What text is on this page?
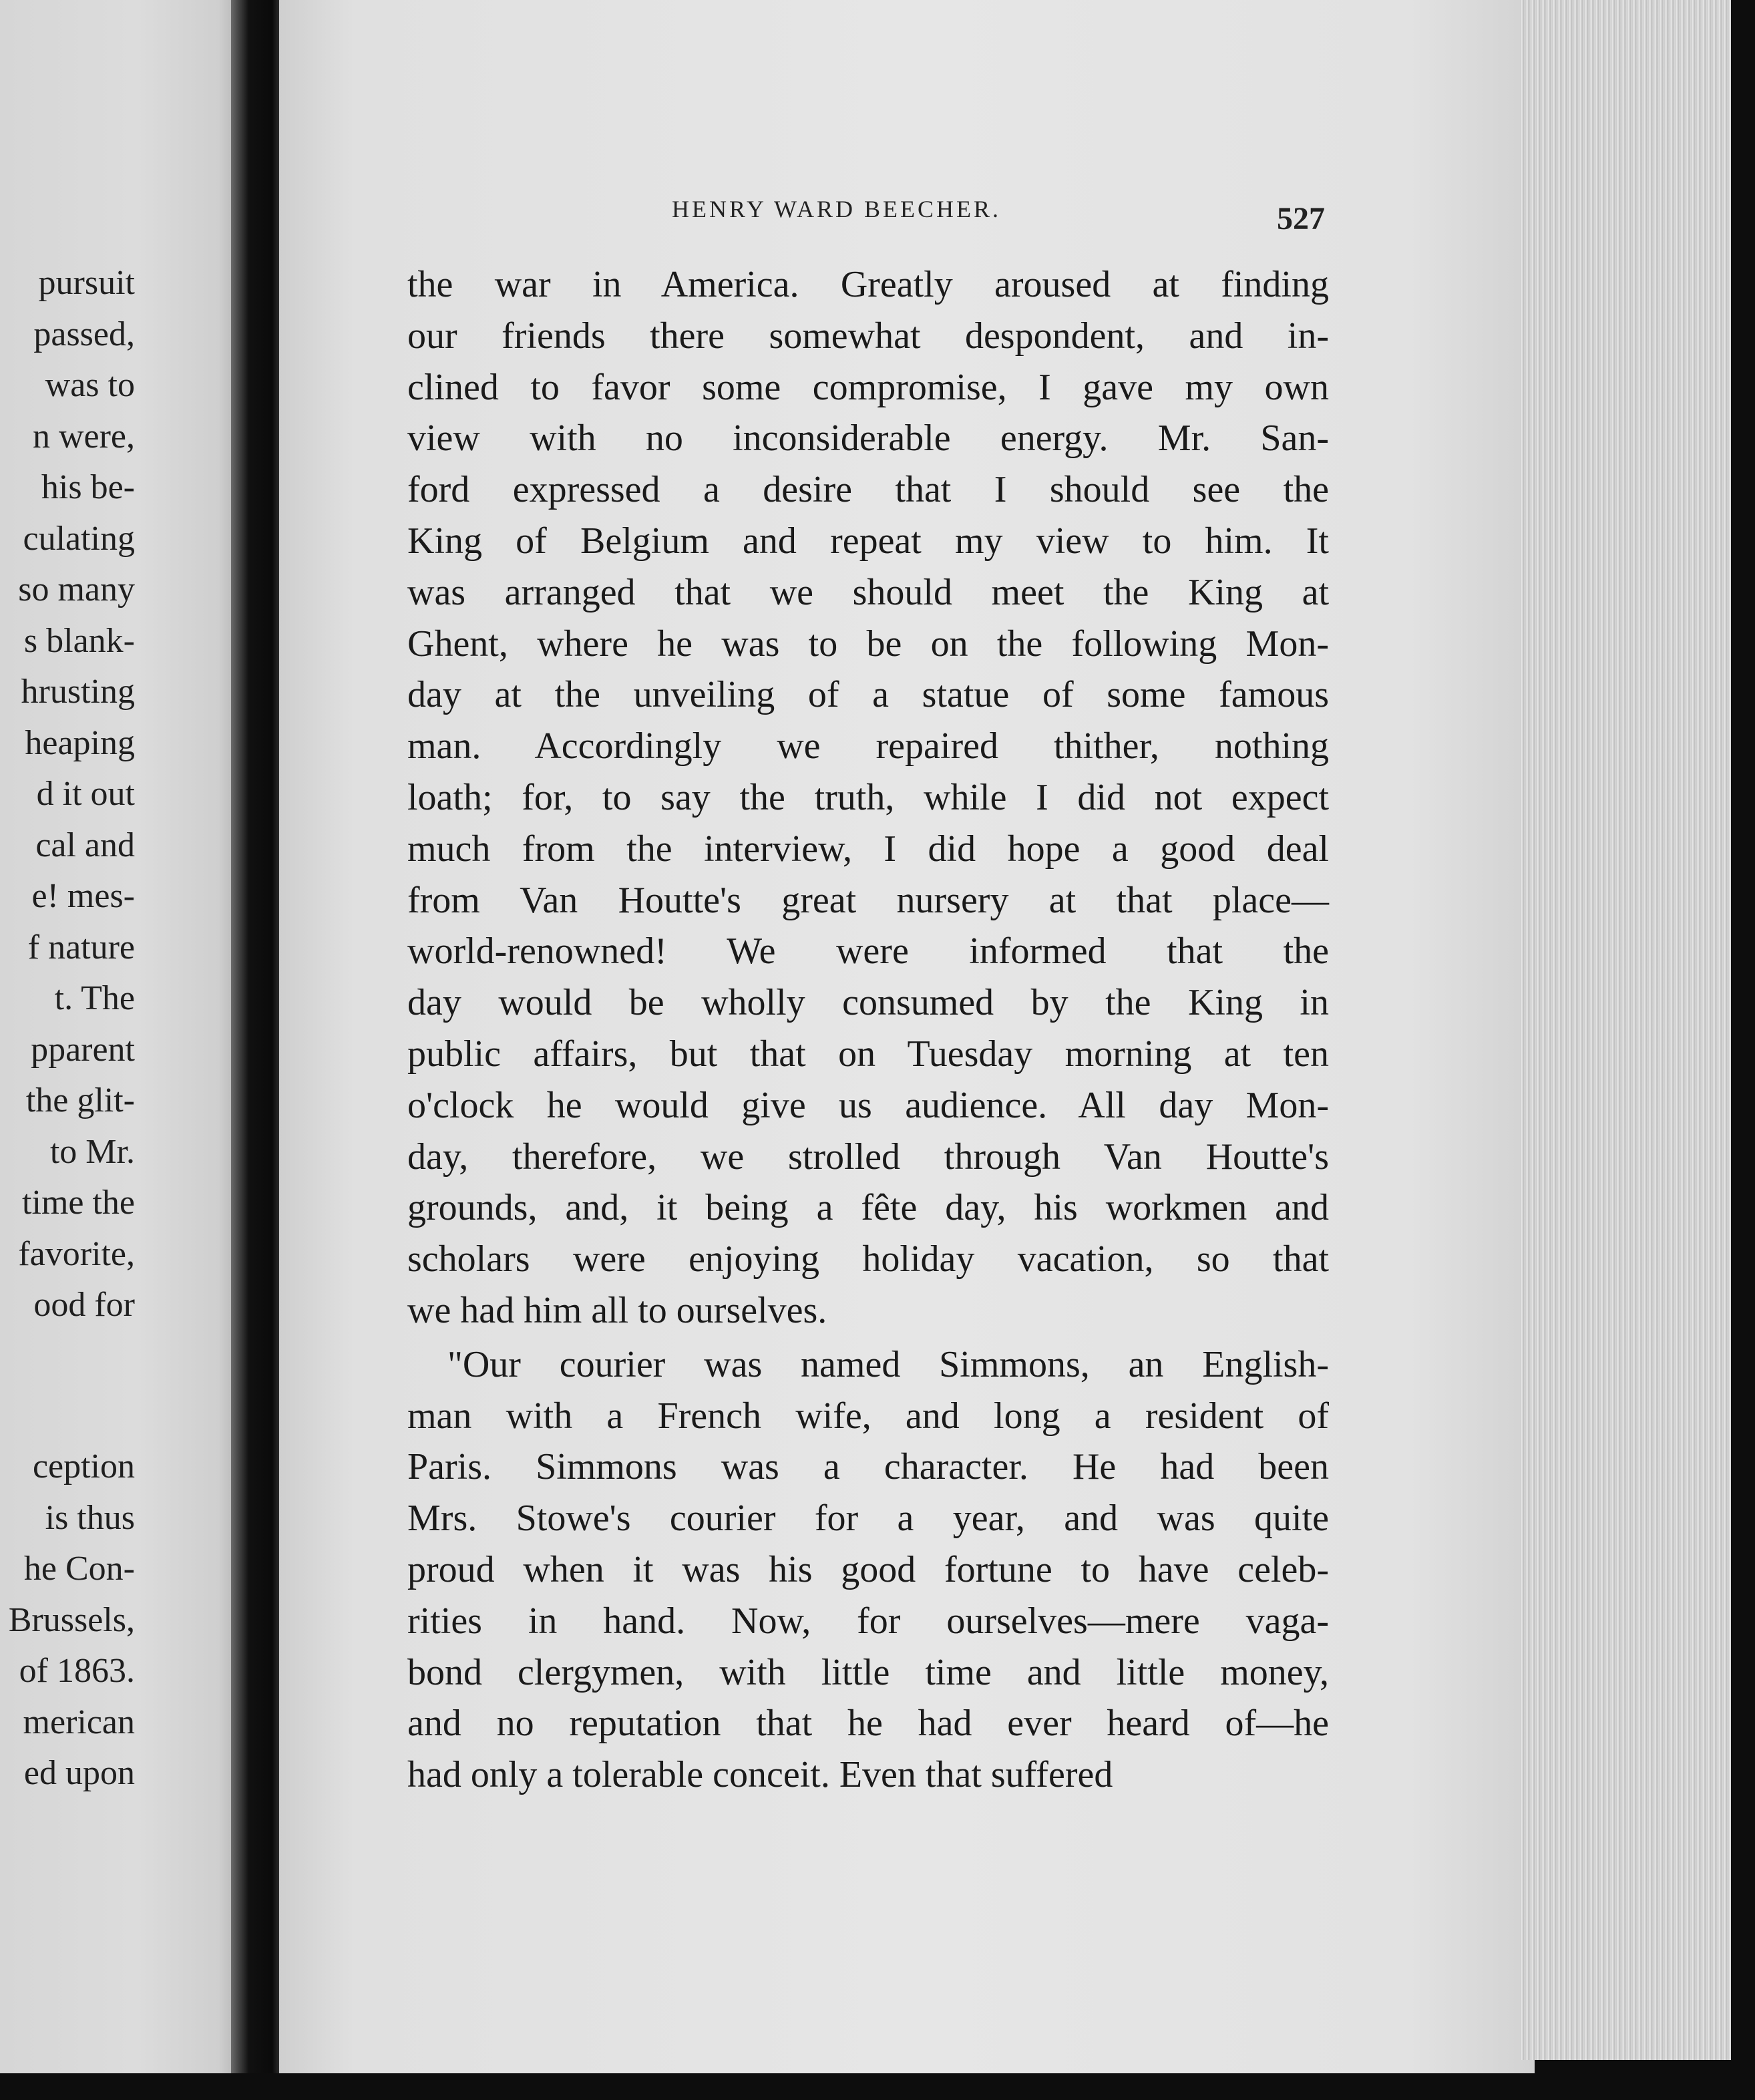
pursuit
passed,
was to
n were,
his be-
culating
so many
s blank-
hrusting
heaping
d it out
cal and
e! mes-
f nature
t. The
pparent
the glit-
to Mr.
time the
favorite,
ood for
ception
is thus
he Con-
Brussels,
of 1863.
merican
ed upon
HENRY WARD BEECHER.	527
the war in America. Greatly aroused at finding
our friends there somewhat despondent, and in-
clined to favor some compromise, I gave my own
view with no inconsiderable energy. Mr. San-
ford expressed a desire that I should see the
King of Belgium and repeat my view to him. It
was arranged that we should meet the King at
Ghent, where he was to be on the following Mon-
day at the unveiling of a statue of some famous
man. Accordingly we repaired thither, nothing
loath; for, to say the truth, while I did not expect
much from the interview, I did hope a good deal
from Van Houtte's great nursery at that place—
world-renowned! We were informed that the
day would be wholly consumed by the King in
public affairs, but that on Tuesday morning at ten
o'clock he would give us audience. All day Mon-
day, therefore, we strolled through Van Houtte's
grounds, and, it being a fête day, his workmen and
scholars were enjoying holiday vacation, so that
we had him all to ourselves.
"Our courier was named Simmons, an English-
man with a French wife, and long a resident of
Paris. Simmons was a character. He had been
Mrs. Stowe's courier for a year, and was quite
proud when it was his good fortune to have celeb-
rities in hand. Now, for ourselves—mere vaga-
bond clergymen, with little time and little money,
and no reputation that he had ever heard of—he
had only a tolerable conceit. Even that suffered
